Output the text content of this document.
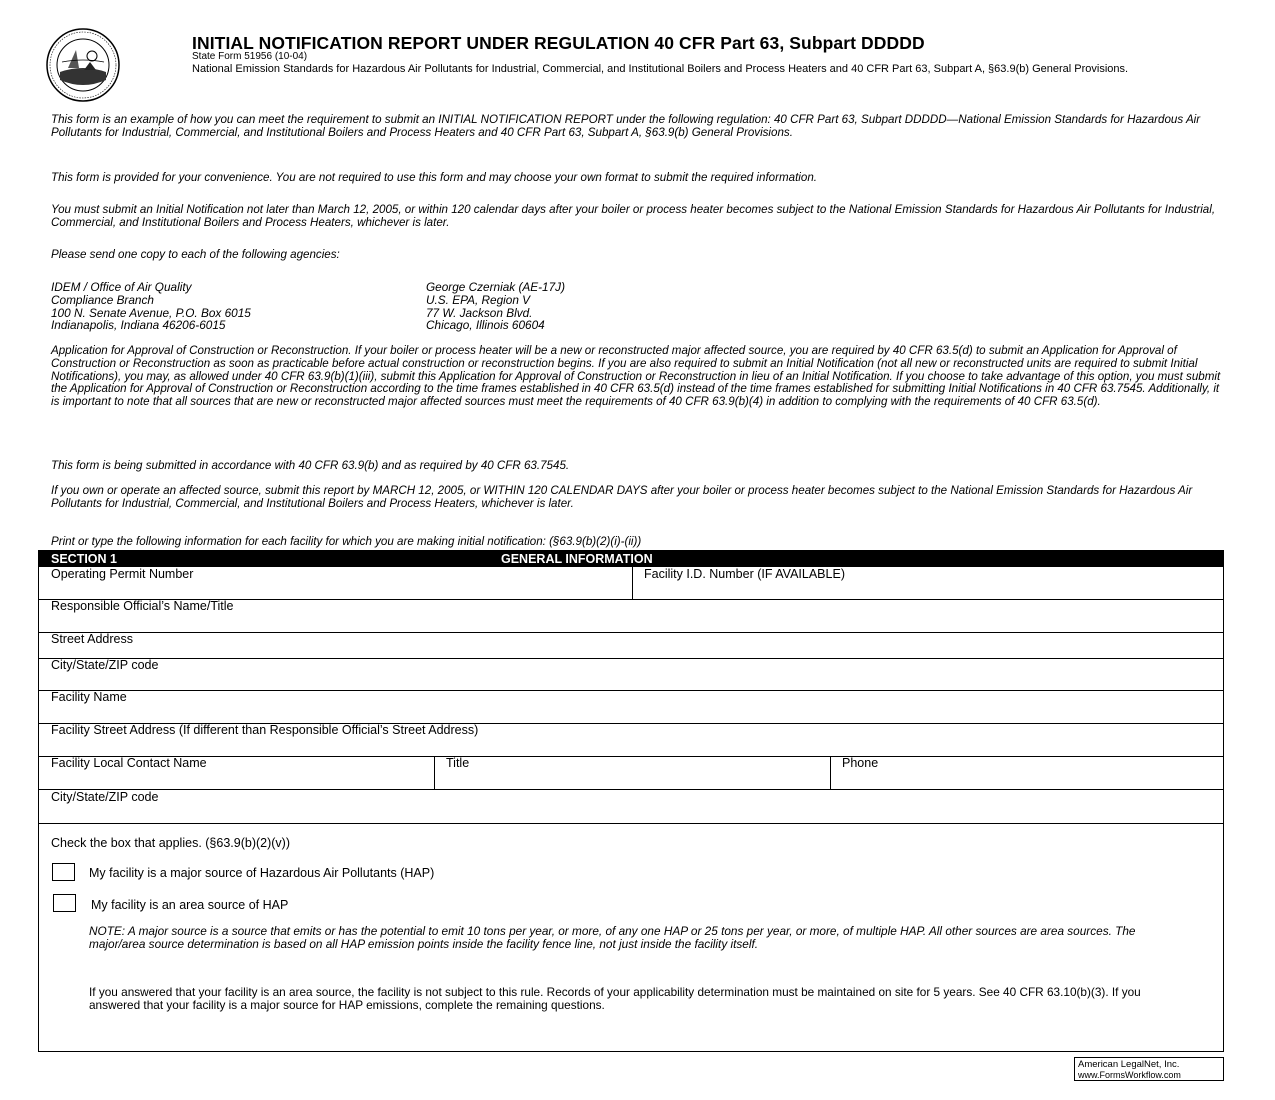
INITIAL NOTIFICATION REPORT UNDER REGULATION 40 CFR Part 63, Subpart DDDDD
State Form 51956 (10-04)
National Emission Standards for Hazardous Air Pollutants for Industrial, Commercial, and Institutional Boilers and Process Heaters and 40 CFR Part 63, Subpart A, §63.9(b) General Provisions.
This form is an example of how you can meet the requirement to submit an INITIAL NOTIFICATION REPORT under the following regulation: 40 CFR Part 63, Subpart DDDDD—National Emission Standards for Hazardous Air Pollutants for Industrial, Commercial, and Institutional Boilers and Process Heaters and 40 CFR Part 63, Subpart A, §63.9(b) General Provisions.
This form is provided for your convenience. You are not required to use this form and may choose your own format to submit the required information.
You must submit an Initial Notification not later than March 12, 2005, or within 120 calendar days after your boiler or process heater becomes subject to the National Emission Standards for Hazardous Air Pollutants for Industrial, Commercial, and Institutional Boilers and Process Heaters, whichever is later.
Please send one copy to each of the following agencies:
IDEM / Office of Air Quality
Compliance Branch
100 N. Senate Avenue, P.O. Box 6015
Indianapolis, Indiana 46206-6015
George Czerniak (AE-17J)
U.S. EPA, Region V
77 W. Jackson Blvd.
Chicago, Illinois 60604
Application for Approval of Construction or Reconstruction. If your boiler or process heater will be a new or reconstructed major affected source, you are required by 40 CFR 63.5(d) to submit an Application for Approval of Construction or Reconstruction as soon as practicable before actual construction or reconstruction begins. If you are also required to submit an Initial Notification (not all new or reconstructed units are required to submit Initial Notifications), you may, as allowed under 40 CFR 63.9(b)(1)(iii), submit this Application for Approval of Construction or Reconstruction in lieu of an Initial Notification. If you choose to take advantage of this option, you must submit the Application for Approval of Construction or Reconstruction according to the time frames established in 40 CFR 63.5(d) instead of the time frames established for submitting Initial Notifications in 40 CFR 63.7545. Additionally, it is important to note that all sources that are new or reconstructed major affected sources must meet the requirements of 40 CFR 63.9(b)(4) in addition to complying with the requirements of 40 CFR 63.5(d).
This form is being submitted in accordance with 40 CFR 63.9(b) and as required by 40 CFR 63.7545.
If you own or operate an affected source, submit this report by MARCH 12, 2005, or WITHIN 120 CALENDAR DAYS after your boiler or process heater becomes subject to the National Emission Standards for Hazardous Air Pollutants for Industrial, Commercial, and Institutional Boilers and Process Heaters, whichever is later.
Print or type the following information for each facility for which you are making initial notification: (§63.9(b)(2)(i)-(ii))
SECTION 1	GENERAL INFORMATION
Operating Permit Number	Facility I.D. Number (IF AVAILABLE)
Responsible Official’s Name/Title
Street Address
City/State/ZIP code
Facility Name
Facility Street Address (If different than Responsible Official’s Street Address)
Facility Local Contact Name	Title	Phone
City/State/ZIP code
Check the box that applies. (§63.9(b)(2)(v))
My facility is a major source of Hazardous Air Pollutants (HAP)
My facility is an area source of HAP
NOTE: A major source is a source that emits or has the potential to emit 10 tons per year, or more, of any one HAP or 25 tons per year, or more, of multiple HAP. All other sources are area sources. The major/area source determination is based on all HAP emission points inside the facility fence line, not just inside the facility itself.
If you answered that your facility is an area source, the facility is not subject to this rule. Records of your applicability determination must be maintained on site for 5 years. See 40 CFR 63.10(b)(3). If you answered that your facility is a major source for HAP emissions, complete the remaining questions.
American LegalNet, Inc.
www.FormsWorkflow.com
